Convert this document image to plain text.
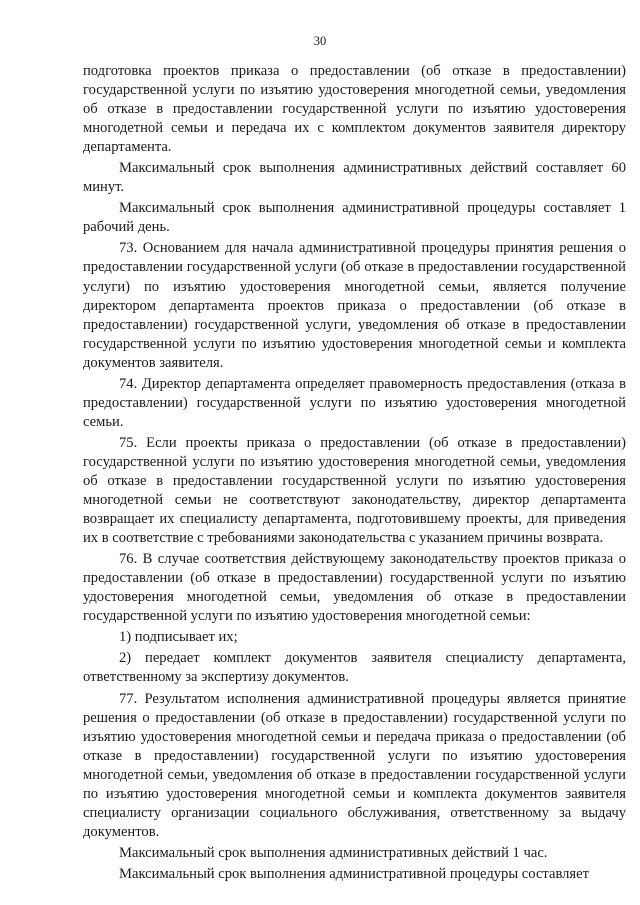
30

подготовка проектов приказа о предоставлении (об отказе в предоставлении) государственной услуги по изъятию удостоверения многодетной семьи, уведомления об отказе в предоставлении государственной услуги по изъятию удостоверения многодетной семьи и передача их с комплектом документов заявителя директору департамента.

Максимальный срок выполнения административных действий составляет 60 минут.

Максимальный срок выполнения административной процедуры составляет 1 рабочий день.

73. Основанием для начала административной процедуры принятия решения о предоставлении государственной услуги (об отказе в предоставлении государственной услуги) по изъятию удостоверения многодетной семьи, является получение директором департамента проектов приказа о предоставлении (об отказе в предоставлении) государственной услуги, уведомления об отказе в предоставлении государственной услуги по изъятию удостоверения многодетной семьи и комплекта документов заявителя.

74. Директор департамента определяет правомерность предоставления (отказа в предоставлении) государственной услуги по изъятию удостоверения многодетной семьи.

75. Если проекты приказа о предоставлении (об отказе в предоставлении) государственной услуги по изъятию удостоверения многодетной семьи, уведомления об отказе в предоставлении государственной услуги по изъятию удостоверения многодетной семьи не соответствуют законодательству, директор департамента возвращает их специалисту департамента, подготовившему проекты, для приведения их в соответствие с требованиями законодательства с указанием причины возврата.

76. В случае соответствия действующему законодательству проектов приказа о предоставлении (об отказе в предоставлении) государственной услуги по изъятию удостоверения многодетной семьи, уведомления об отказе в предоставлении государственной услуги по изъятию удостоверения многодетной семьи:

1) подписывает их;

2) передает комплект документов заявителя специалисту департамента, ответственному за экспертизу документов.

77. Результатом исполнения административной процедуры является принятие решения о предоставлении (об отказе в предоставлении) государственной услуги по изъятию удостоверения многодетной семьи и передача приказа о предоставлении (об отказе в предоставлении) государственной услуги по изъятию удостоверения многодетной семьи, уведомления об отказе в предоставлении государственной услуги по изъятию удостоверения многодетной семьи и комплекта документов заявителя специалисту организации социального обслуживания, ответственному за выдачу документов.

Максимальный срок выполнения административных действий 1 час.

Максимальный срок выполнения административной процедуры составляет
